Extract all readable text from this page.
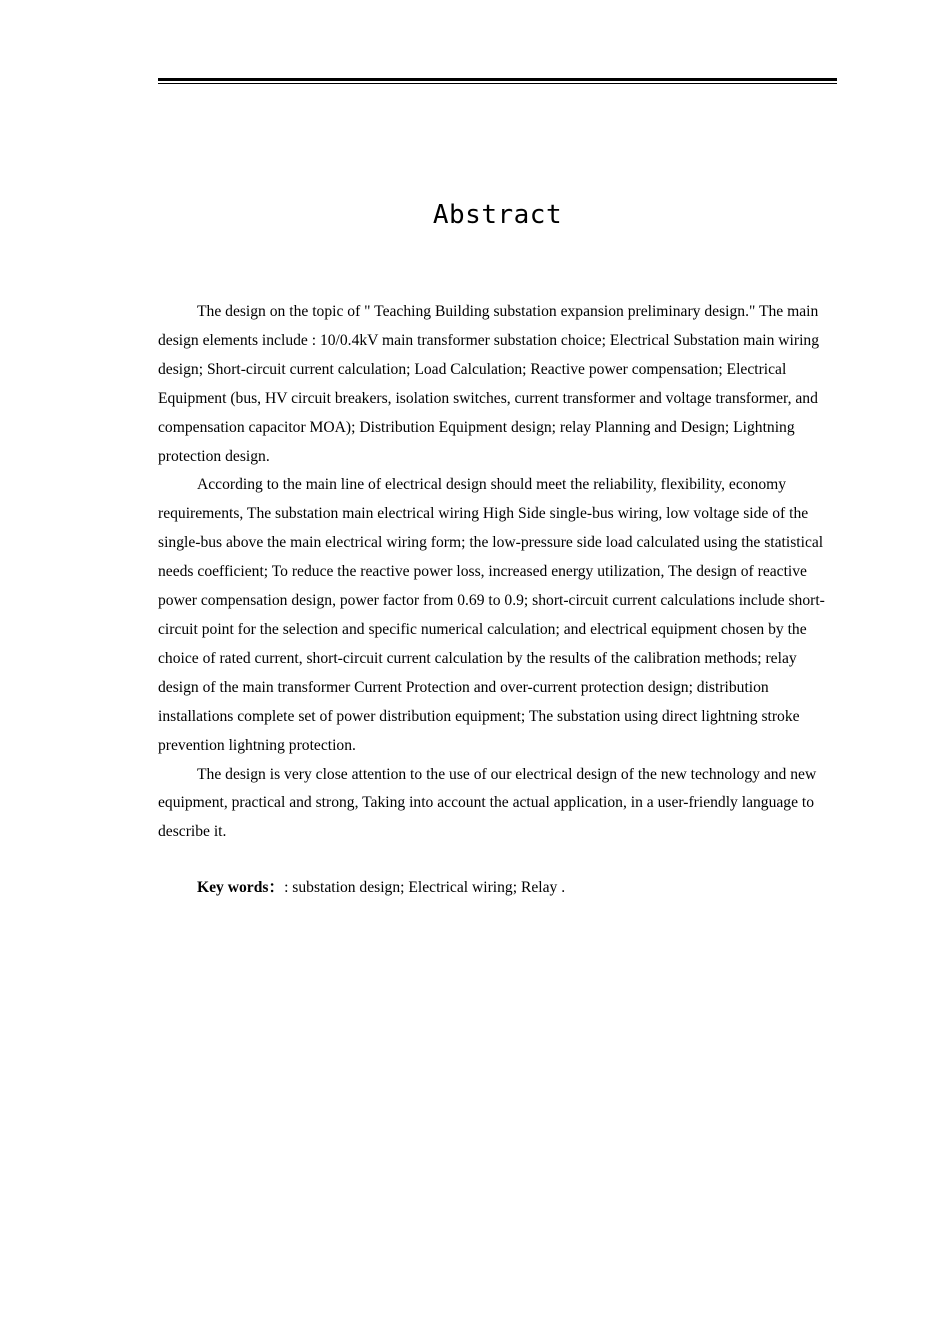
Abstract

The design on the topic of " Teaching Building substation expansion preliminary design." The main design elements include : 10/0.4kV main transformer substation choice; Electrical Substation main wiring design; Short-circuit current calculation; Load Calculation; Reactive power compensation; Electrical Equipment (bus, HV circuit breakers, isolation switches, current transformer and voltage transformer, and compensation capacitor MOA); Distribution Equipment design; relay Planning and Design; Lightning protection design.

According to the main line of electrical design should meet the reliability, flexibility, economy requirements, The substation main electrical wiring High Side single-bus wiring, low voltage side of the single-bus above the main electrical wiring form; the low-pressure side load calculated using the statistical needs coefficient; To reduce the reactive power loss, increased energy utilization, The design of reactive power compensation design, power factor from 0.69 to 0.9; short-circuit current calculations include short-circuit point for the selection and specific numerical calculation; and electrical equipment chosen by the choice of rated current, short-circuit current calculation by the results of the calibration methods; relay design of the main transformer Current Protection and over-current protection design; distribution installations complete set of power distribution equipment; The substation using direct lightning stroke prevention lightning protection.

The design is very close attention to the use of our electrical design of the new technology and new equipment, practical and strong, Taking into account the actual application, in a user-friendly language to describe it.

Key words：: substation design; Electrical wiring; Relay .
